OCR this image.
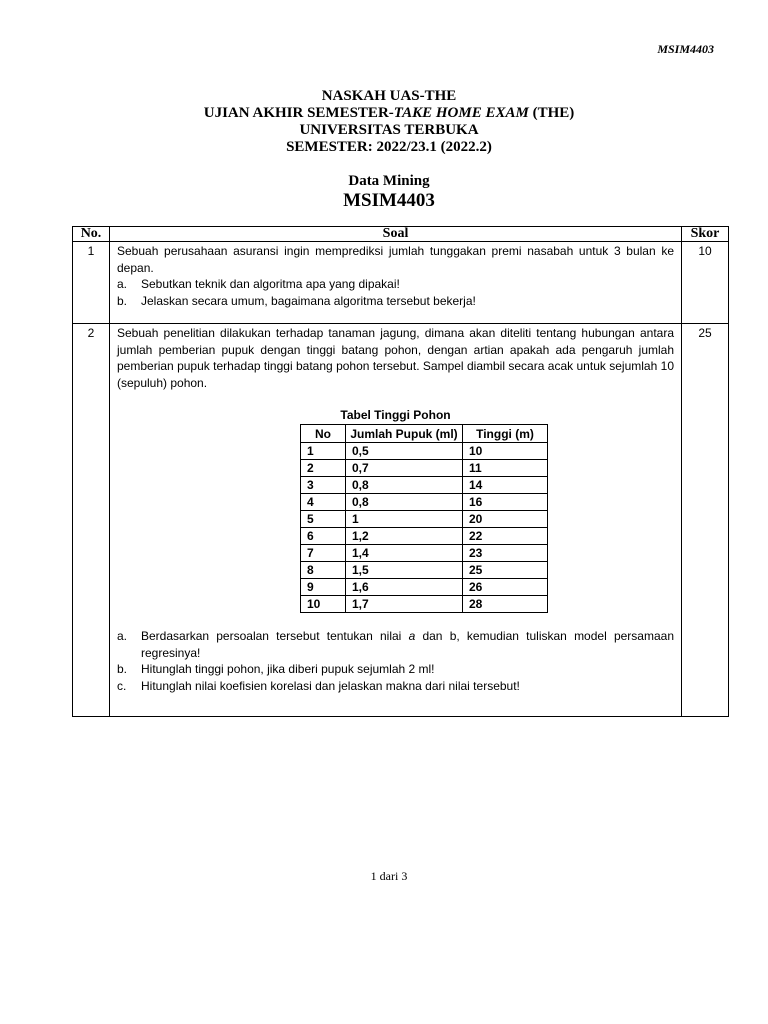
MSIM4403
NASKAH UAS-THE
UJIAN AKHIR SEMESTER-TAKE HOME EXAM (THE)
UNIVERSITAS TERBUKA
SEMESTER: 2022/23.1 (2022.2)
Data Mining
MSIM4403
No.	Soal	Skor
1	Sebuah perusahaan asuransi ingin memprediksi jumlah tunggakan premi nasabah untuk 3 bulan ke depan.
a.	Sebutkan teknik dan algoritma apa yang dipakai!
b.	Jelaskan secara umum, bagaimana algoritma tersebut bekerja!
	10
2	Sebuah penelitian dilakukan terhadap tanaman jagung, dimana akan diteliti tentang hubungan antara jumlah pemberian pupuk dengan tinggi batang pohon, dengan artian apakah ada pengaruh jumlah pemberian pupuk terhadap tinggi batang pohon tersebut. Sampel diambil secara acak untuk sejumlah 10 (sepuluh) pohon.
Tabel Tinggi Pohon
No	Jumlah Pupuk (ml)	Tinggi (m)
1	0,5	10
2	0,7	11
3	0,8	14
4	0,8	16
5	1	20
6	1,2	22
7	1,4	23
8	1,5	25
9	1,6	26
10	1,7	28
a.	Berdasarkan persoalan tersebut tentukan nilai a dan b, kemudian tuliskan model persamaan regresinya!
b.	Hitunglah tinggi pohon, jika diberi pupuk sejumlah 2 ml!
c.	Hitunglah nilai koefisien korelasi dan jelaskan makna dari nilai tersebut!
	25
1 dari 3
